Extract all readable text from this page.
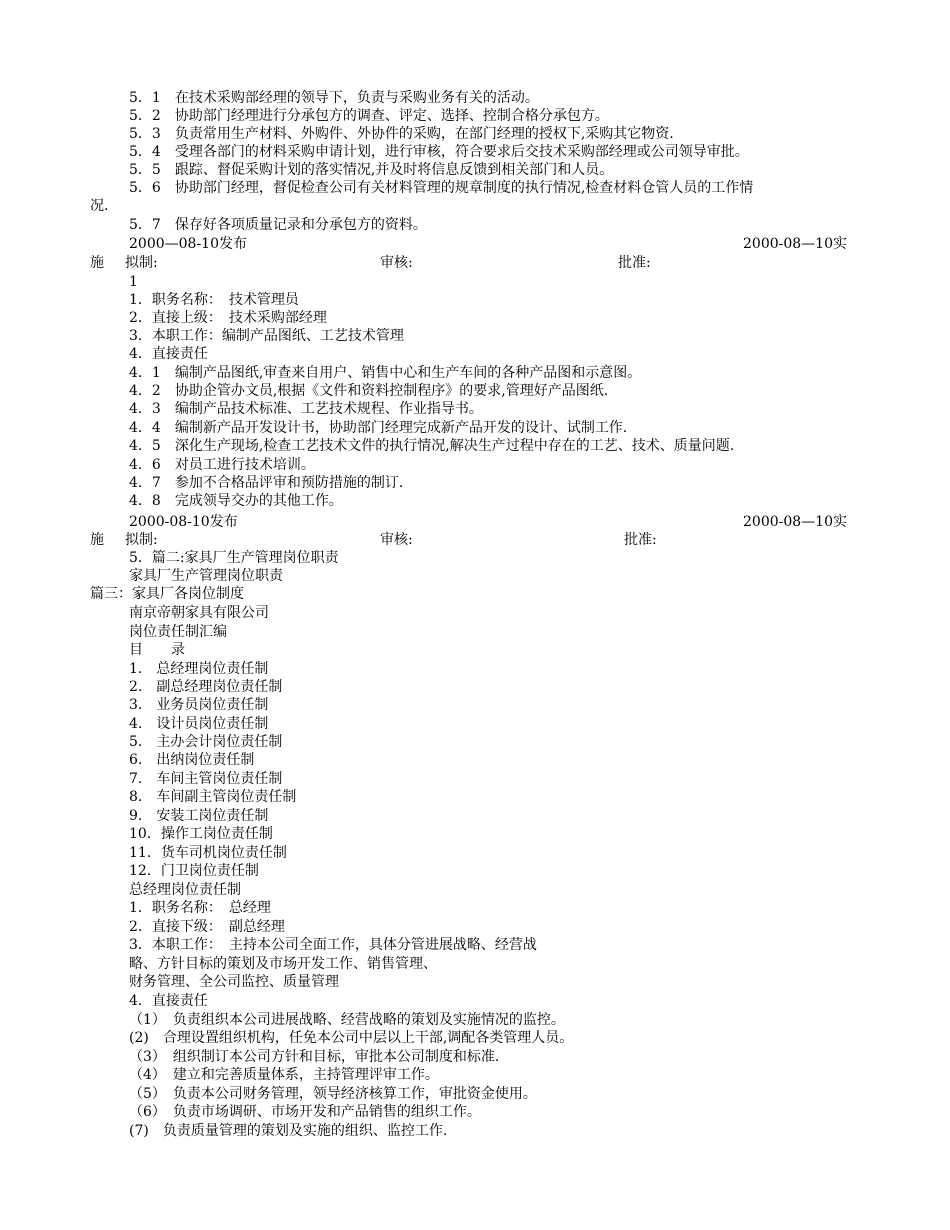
5．1　在技术采购部经理的领导下，负责与采购业务有关的活动。
5．2　协助部门经理进行分承包方的调查、评定、选择、控制合格分承包方。
5．3　负责常用生产材料、外购件、外协件的采购，在部门经理的授权下,采购其它物资.
5．4　受理各部门的材料采购申请计划，进行审核，符合要求后交技术采购部经理或公司领导审批。
5．5　跟踪、督促采购计划的落实情况,并及时将信息反馈到相关部门和人员。
5．6　协助部门经理，督促检查公司有关材料管理的规章制度的执行情况,检查材料仓管人员的工作情
况.
5．7　保存好各项质量记录和分承包方的资料。
2000—08-10发布	2000-08—10实
施 拟制:	审核:	批准:
1
1．职务名称：　技术管理员
2．直接上级：　技术采购部经理
3．本职工作：编制产品图纸、工艺技术管理
4．直接责任
4．1　编制产品图纸,审查来自用户、销售中心和生产车间的各种产品图和示意图。
4．2　协助企管办文员,根据《文件和资料控制程序》的要求,管理好产品图纸.
4．3　编制产品技术标准、工艺技术规程、作业指导书。
4．4　编制新产品开发设计书，协助部门经理完成新产品开发的设计、试制工作.
4．5　深化生产现场,检查工艺技术文件的执行情况,解决生产过程中存在的工艺、技术、质量问题.
4．6　对员工进行技术培训。
4．7　参加不合格品评审和预防措施的制订.
4．8　完成领导交办的其他工作。
2000-08-10发布	2000-08—10实
施 拟制:	审核:	批准:
5．篇二:家具厂生产管理岗位职责
家具厂生产管理岗位职责
篇三：家具厂各岗位制度
南京帝朝家具有限公司
岗位责任制汇编
目　　录
1.　总经理岗位责任制
2.　副总经理岗位责任制
3.　业务员岗位责任制
4.　设计员岗位责任制
5.　主办会计岗位责任制
6.　出纳岗位责任制
7.　车间主管岗位责任制
8.　车间副主管岗位责任制
9.　安装工岗位责任制
10．操作工岗位责任制
11．货车司机岗位责任制
12．门卫岗位责任制
总经理岗位责任制
1．职务名称：　总经理
2．直接下级：　副总经理
3．本职工作：　主持本公司全面工作，具体分管进展战略、经营战
略、方针目标的策划及市场开发工作、销售管理、
财务管理、全公司监控、质量管理
4．直接责任
（1）　负责组织本公司进展战略、经营战略的策划及实施情况的监控。
(2)　合理设置组织机构，任免本公司中层以上干部,调配各类管理人员。
（3）　组织制订本公司方针和目标，审批本公司制度和标准.
（4）　建立和完善质量体系，主持管理评审工作。
（5）　负责本公司财务管理，领导经济核算工作，审批资金使用。
（6）　负责市场调研、市场开发和产品销售的组织工作。
(7)　负责质量管理的策划及实施的组织、监控工作.
